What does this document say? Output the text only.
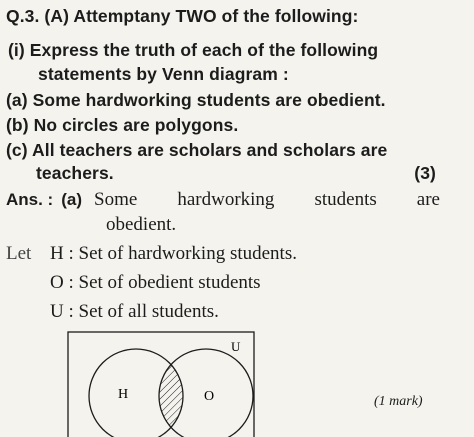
Q.3. (A) Attemptany TWO of the following:
(i) Express the truth of each of the following
statements by Venn diagram :
(a) Some hardworking students are obedient.
(b) No circles are polygons.
(c) All teachers are scholars and scholars are
teachers.	(3)
Ans. : (a) Some hardworking students are
obedient.
Let H : Set of hardworking students.
O : Set of obedient students
U : Set of all students.
U
H	O	(1 mark)
